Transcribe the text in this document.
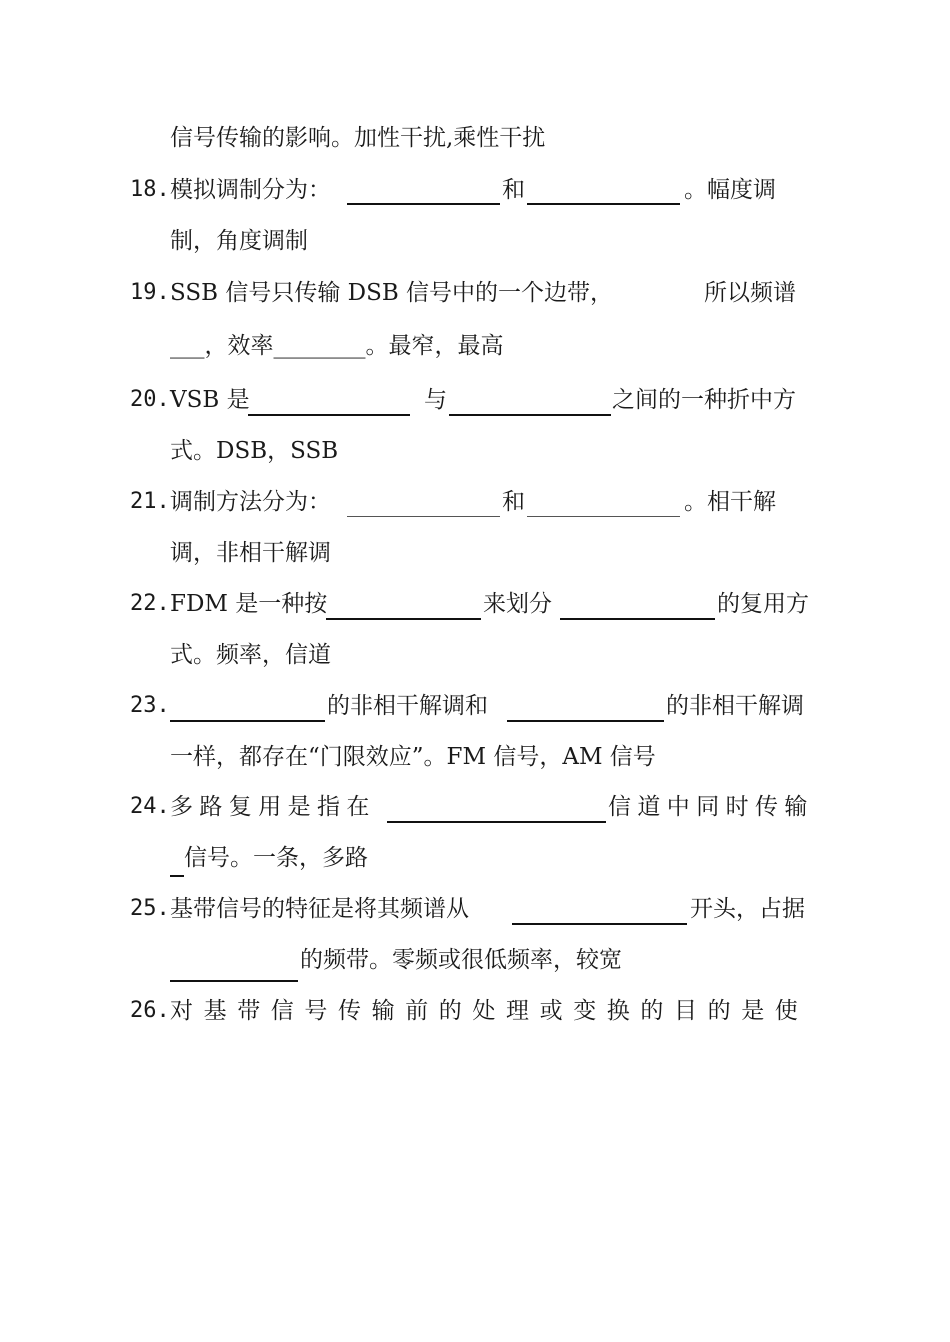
信号传输的影响。加性干扰,乘性干扰
18. 模拟调制分为：	和	。幅度调
制，角度调制
19. SSB 信号只传输 DSB 信号中的一个边带，	所以频谱
___，效率________。最窄，最高
20. VSB 是	与	之间的一种折中方
式。DSB，SSB
21. 调制方法分为：	和	。相干解
调，非相干解调
22. FDM 是一种按	来划分	的复用方
式。频率，信道
23.	的非相干解调和	的非相干解调
一样，都存在“门限效应”。FM 信号，AM 信号
24. 多路复用是指在	信道中同时传输
信号。一条，多路
25. 基带信号的特征是将其频谱从	开头，占据
的频带。零频或很低频率，较宽
26. 对基带信号传输前的处理或变换的目的是使
